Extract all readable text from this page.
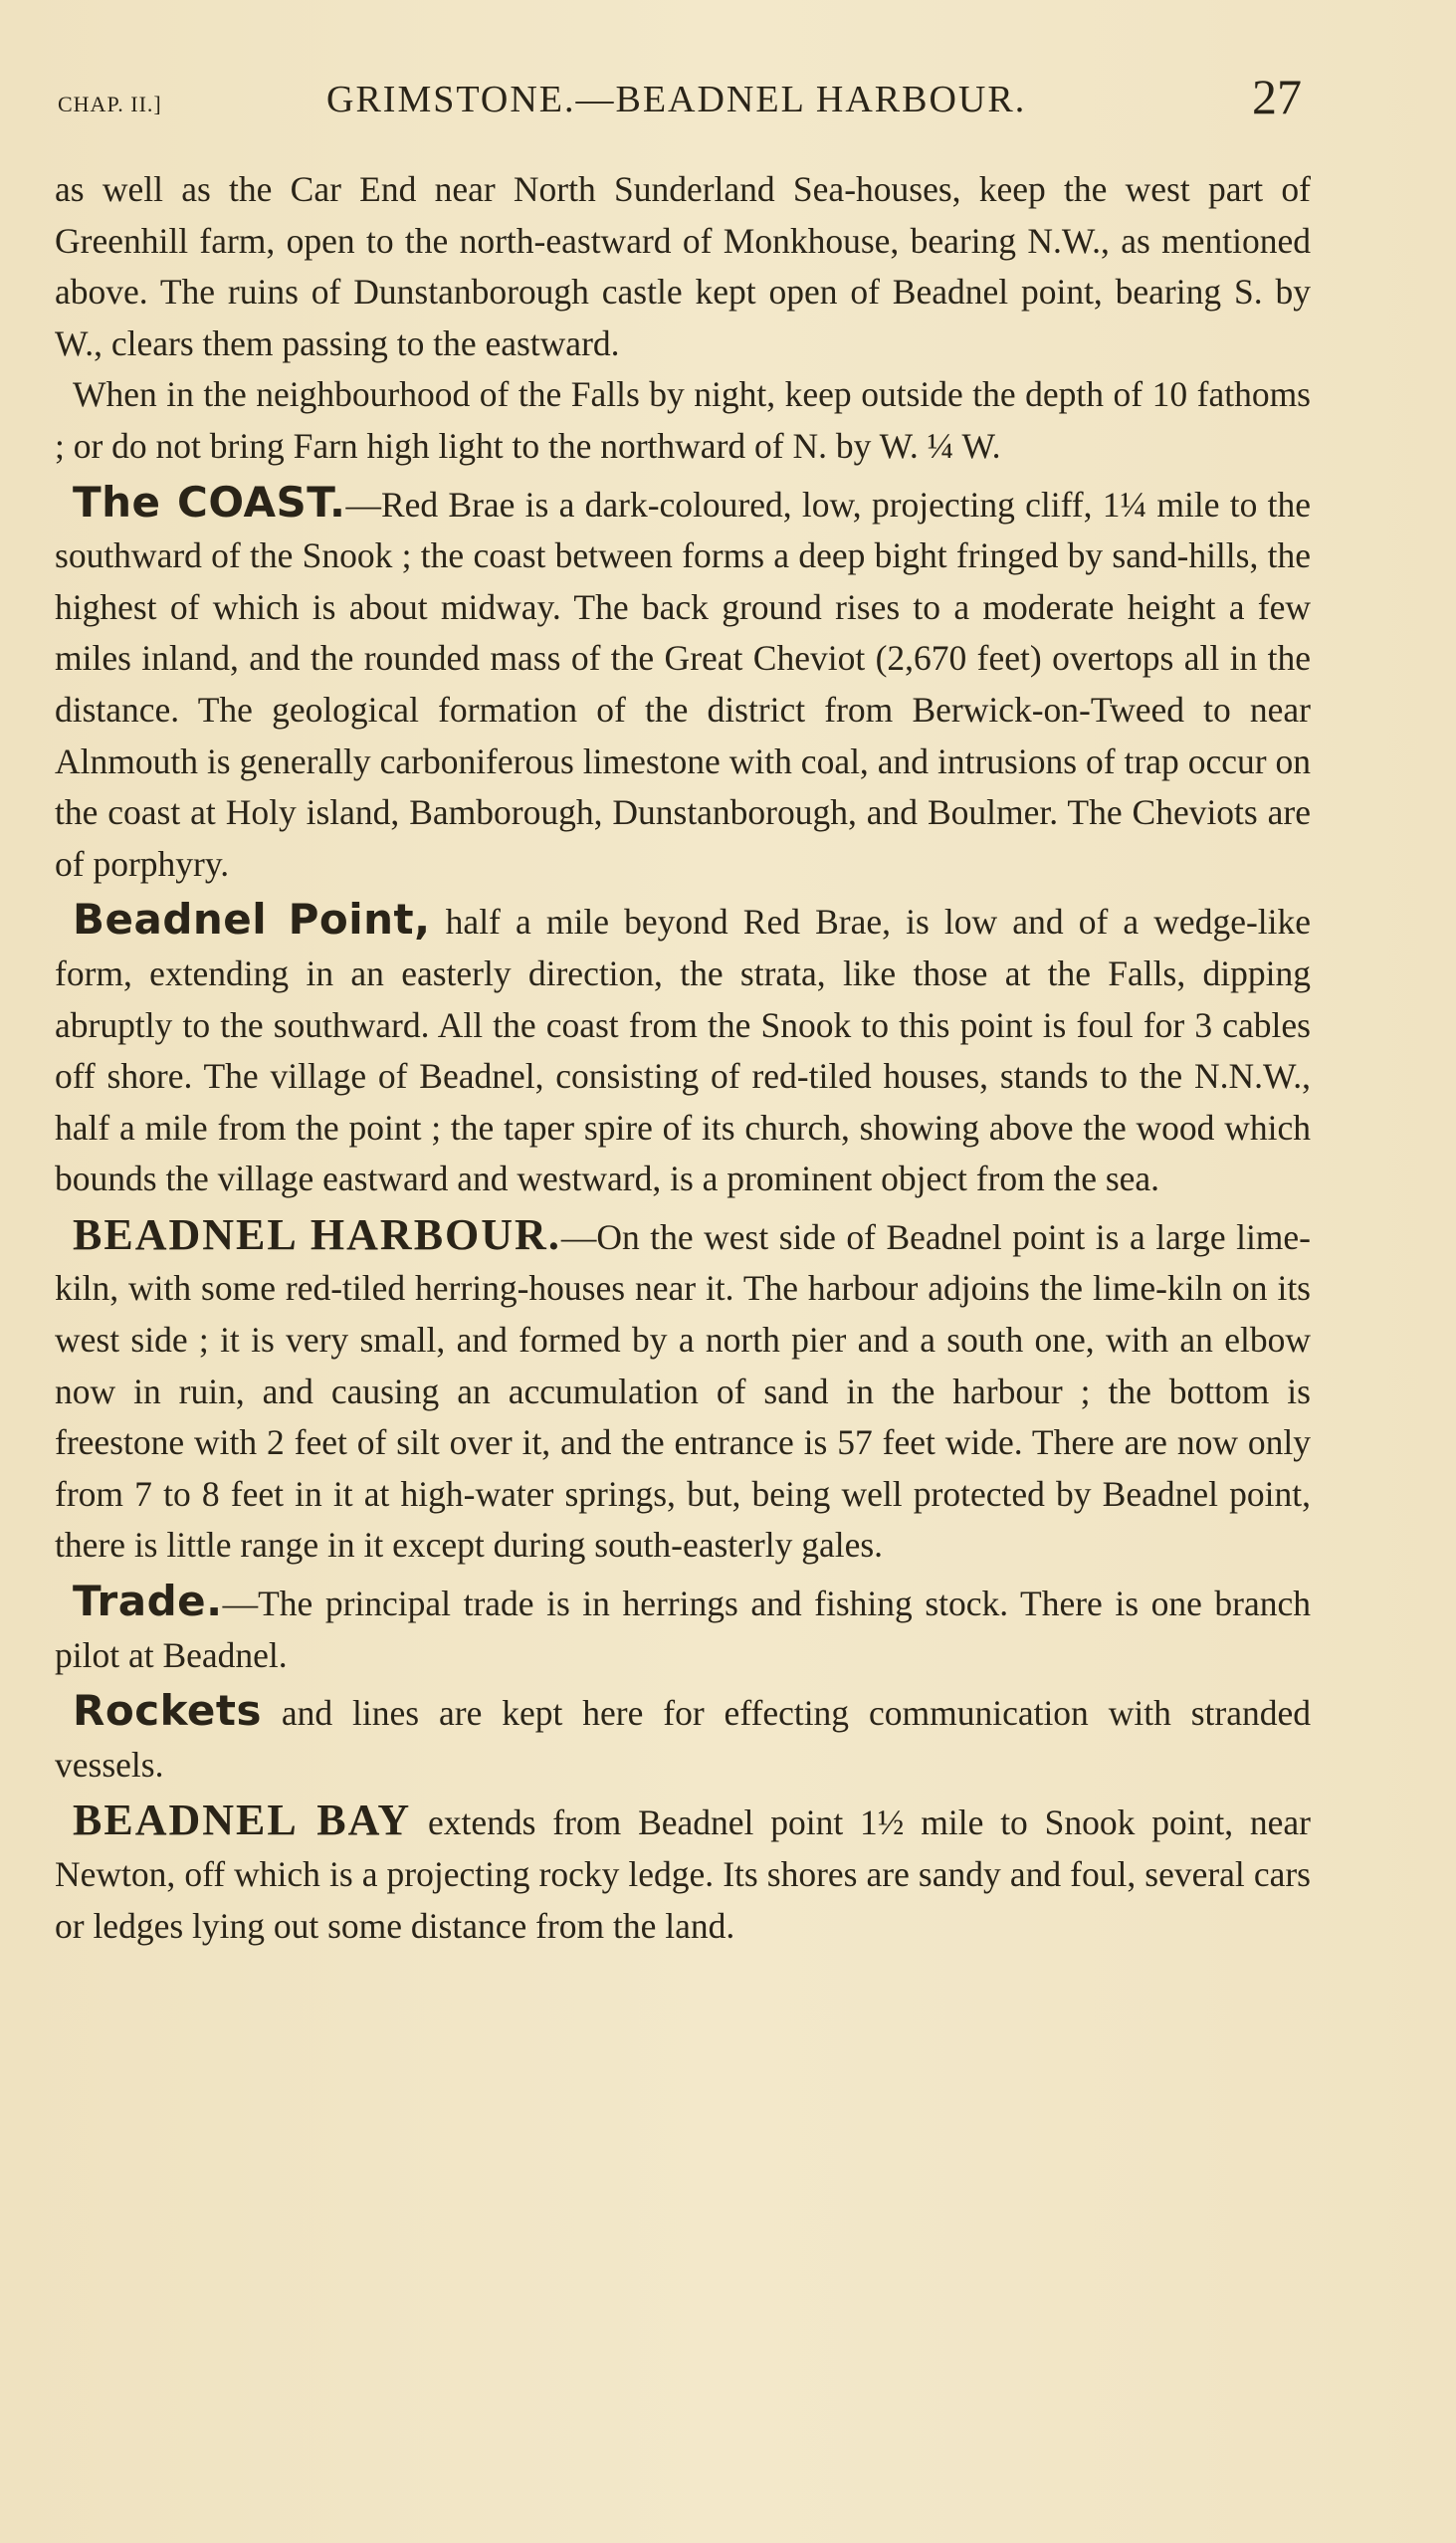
CHAP. II.]	GRIMSTONE.—BEADNEL HARBOUR.	27

as well as the Car End near North Sunderland Sea-houses, keep the west part of Greenhill farm, open to the north-eastward of Monkhouse, bearing N.W., as mentioned above. The ruins of Dunstanborough castle kept open of Beadnel point, bearing S. by W., clears them passing to the eastward.

When in the neighbourhood of the Falls by night, keep outside the depth of 10 fathoms ; or do not bring Farn high light to the northward of N. by W. ¼ W.

The COAST.—Red Brae is a dark-coloured, low, projecting cliff, 1¼ mile to the southward of the Snook ; the coast between forms a deep bight fringed by sand-hills, the highest of which is about midway. The back ground rises to a moderate height a few miles inland, and the rounded mass of the Great Cheviot (2,670 feet) overtops all in the distance. The geological formation of the district from Berwick-on-Tweed to near Alnmouth is generally carboniferous limestone with coal, and intrusions of trap occur on the coast at Holy island, Bamborough, Dunstanborough, and Boulmer. The Cheviots are of porphyry.

Beadnel Point, half a mile beyond Red Brae, is low and of a wedge-like form, extending in an easterly direction, the strata, like those at the Falls, dipping abruptly to the southward. All the coast from the Snook to this point is foul for 3 cables off shore. The village of Beadnel, consisting of red-tiled houses, stands to the N.N.W., half a mile from the point ; the taper spire of its church, showing above the wood which bounds the village eastward and westward, is a prominent object from the sea.

BEADNEL HARBOUR.—On the west side of Beadnel point is a large lime-kiln, with some red-tiled herring-houses near it. The harbour adjoins the lime-kiln on its west side ; it is very small, and formed by a north pier and a south one, with an elbow now in ruin, and causing an accumulation of sand in the harbour ; the bottom is freestone with 2 feet of silt over it, and the entrance is 57 feet wide. There are now only from 7 to 8 feet in it at high-water springs, but, being well protected by Beadnel point, there is little range in it except during south-easterly gales.

Trade.—The principal trade is in herrings and fishing stock. There is one branch pilot at Beadnel.

Rockets and lines are kept here for effecting communication with stranded vessels.

BEADNEL BAY extends from Beadnel point 1½ mile to Snook point, near Newton, off which is a projecting rocky ledge. Its shores are sandy and foul, several cars or ledges lying out some distance from the land.
